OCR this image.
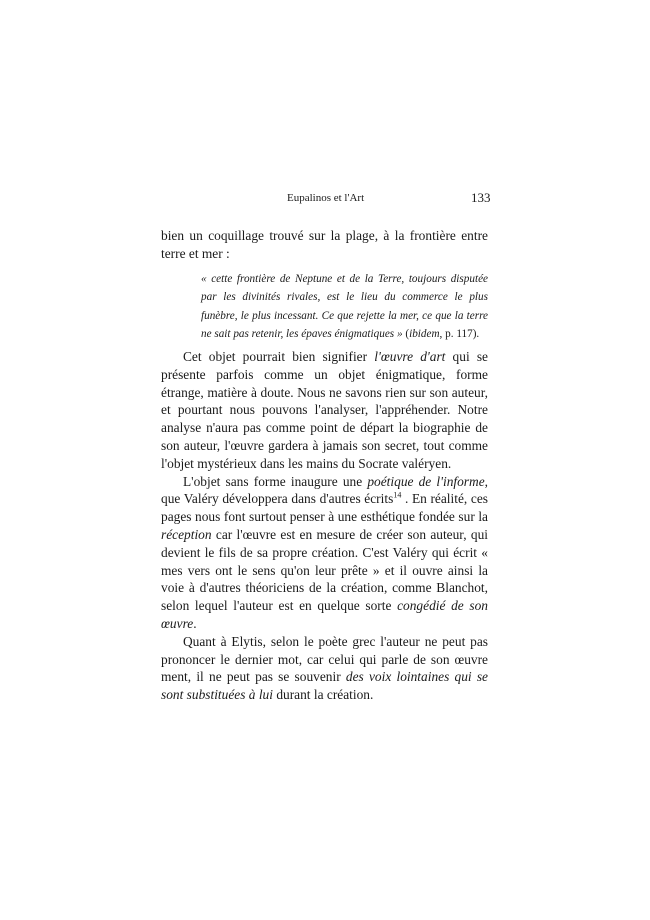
Eupalinos et l'Art	133

bien un coquillage trouvé sur la plage, à la frontière entre terre et mer :

« cette frontière de Neptune et de la Terre, toujours disputée par les divinités rivales, est le lieu du commerce le plus funèbre, le plus incessant. Ce que rejette la mer, ce que la terre ne sait pas retenir, les épaves énigmatiques » (ibidem, p. 117).

Cet objet pourrait bien signifier l'œuvre d'art qui se présente parfois comme un objet énigmatique, forme étrange, matière à doute. Nous ne savons rien sur son auteur, et pourtant nous pouvons l'analyser, l'appréhender. Notre analyse n'aura pas comme point de départ la biographie de son auteur, l'œuvre gardera à jamais son secret, tout comme l'objet mystérieux dans les mains du Socrate valéryen.

L'objet sans forme inaugure une poétique de l'informe, que Valéry développera dans d'autres écrits$^{14}$ . En réalité, ces pages nous font surtout penser à une esthétique fondée sur la réception car l'œuvre est en mesure de créer son auteur, qui devient le fils de sa propre création. C'est Valéry qui écrit « mes vers ont le sens qu'on leur prête » et il ouvre ainsi la voie à d'autres théoriciens de la création, comme Blanchot, selon lequel l'auteur est en quelque sorte congédié de son œuvre.

Quant à Elytis, selon le poète grec l'auteur ne peut pas prononcer le dernier mot, car celui qui parle de son œuvre ment, il ne peut pas se souvenir des voix lointaines qui se sont substituées à lui durant la création.
